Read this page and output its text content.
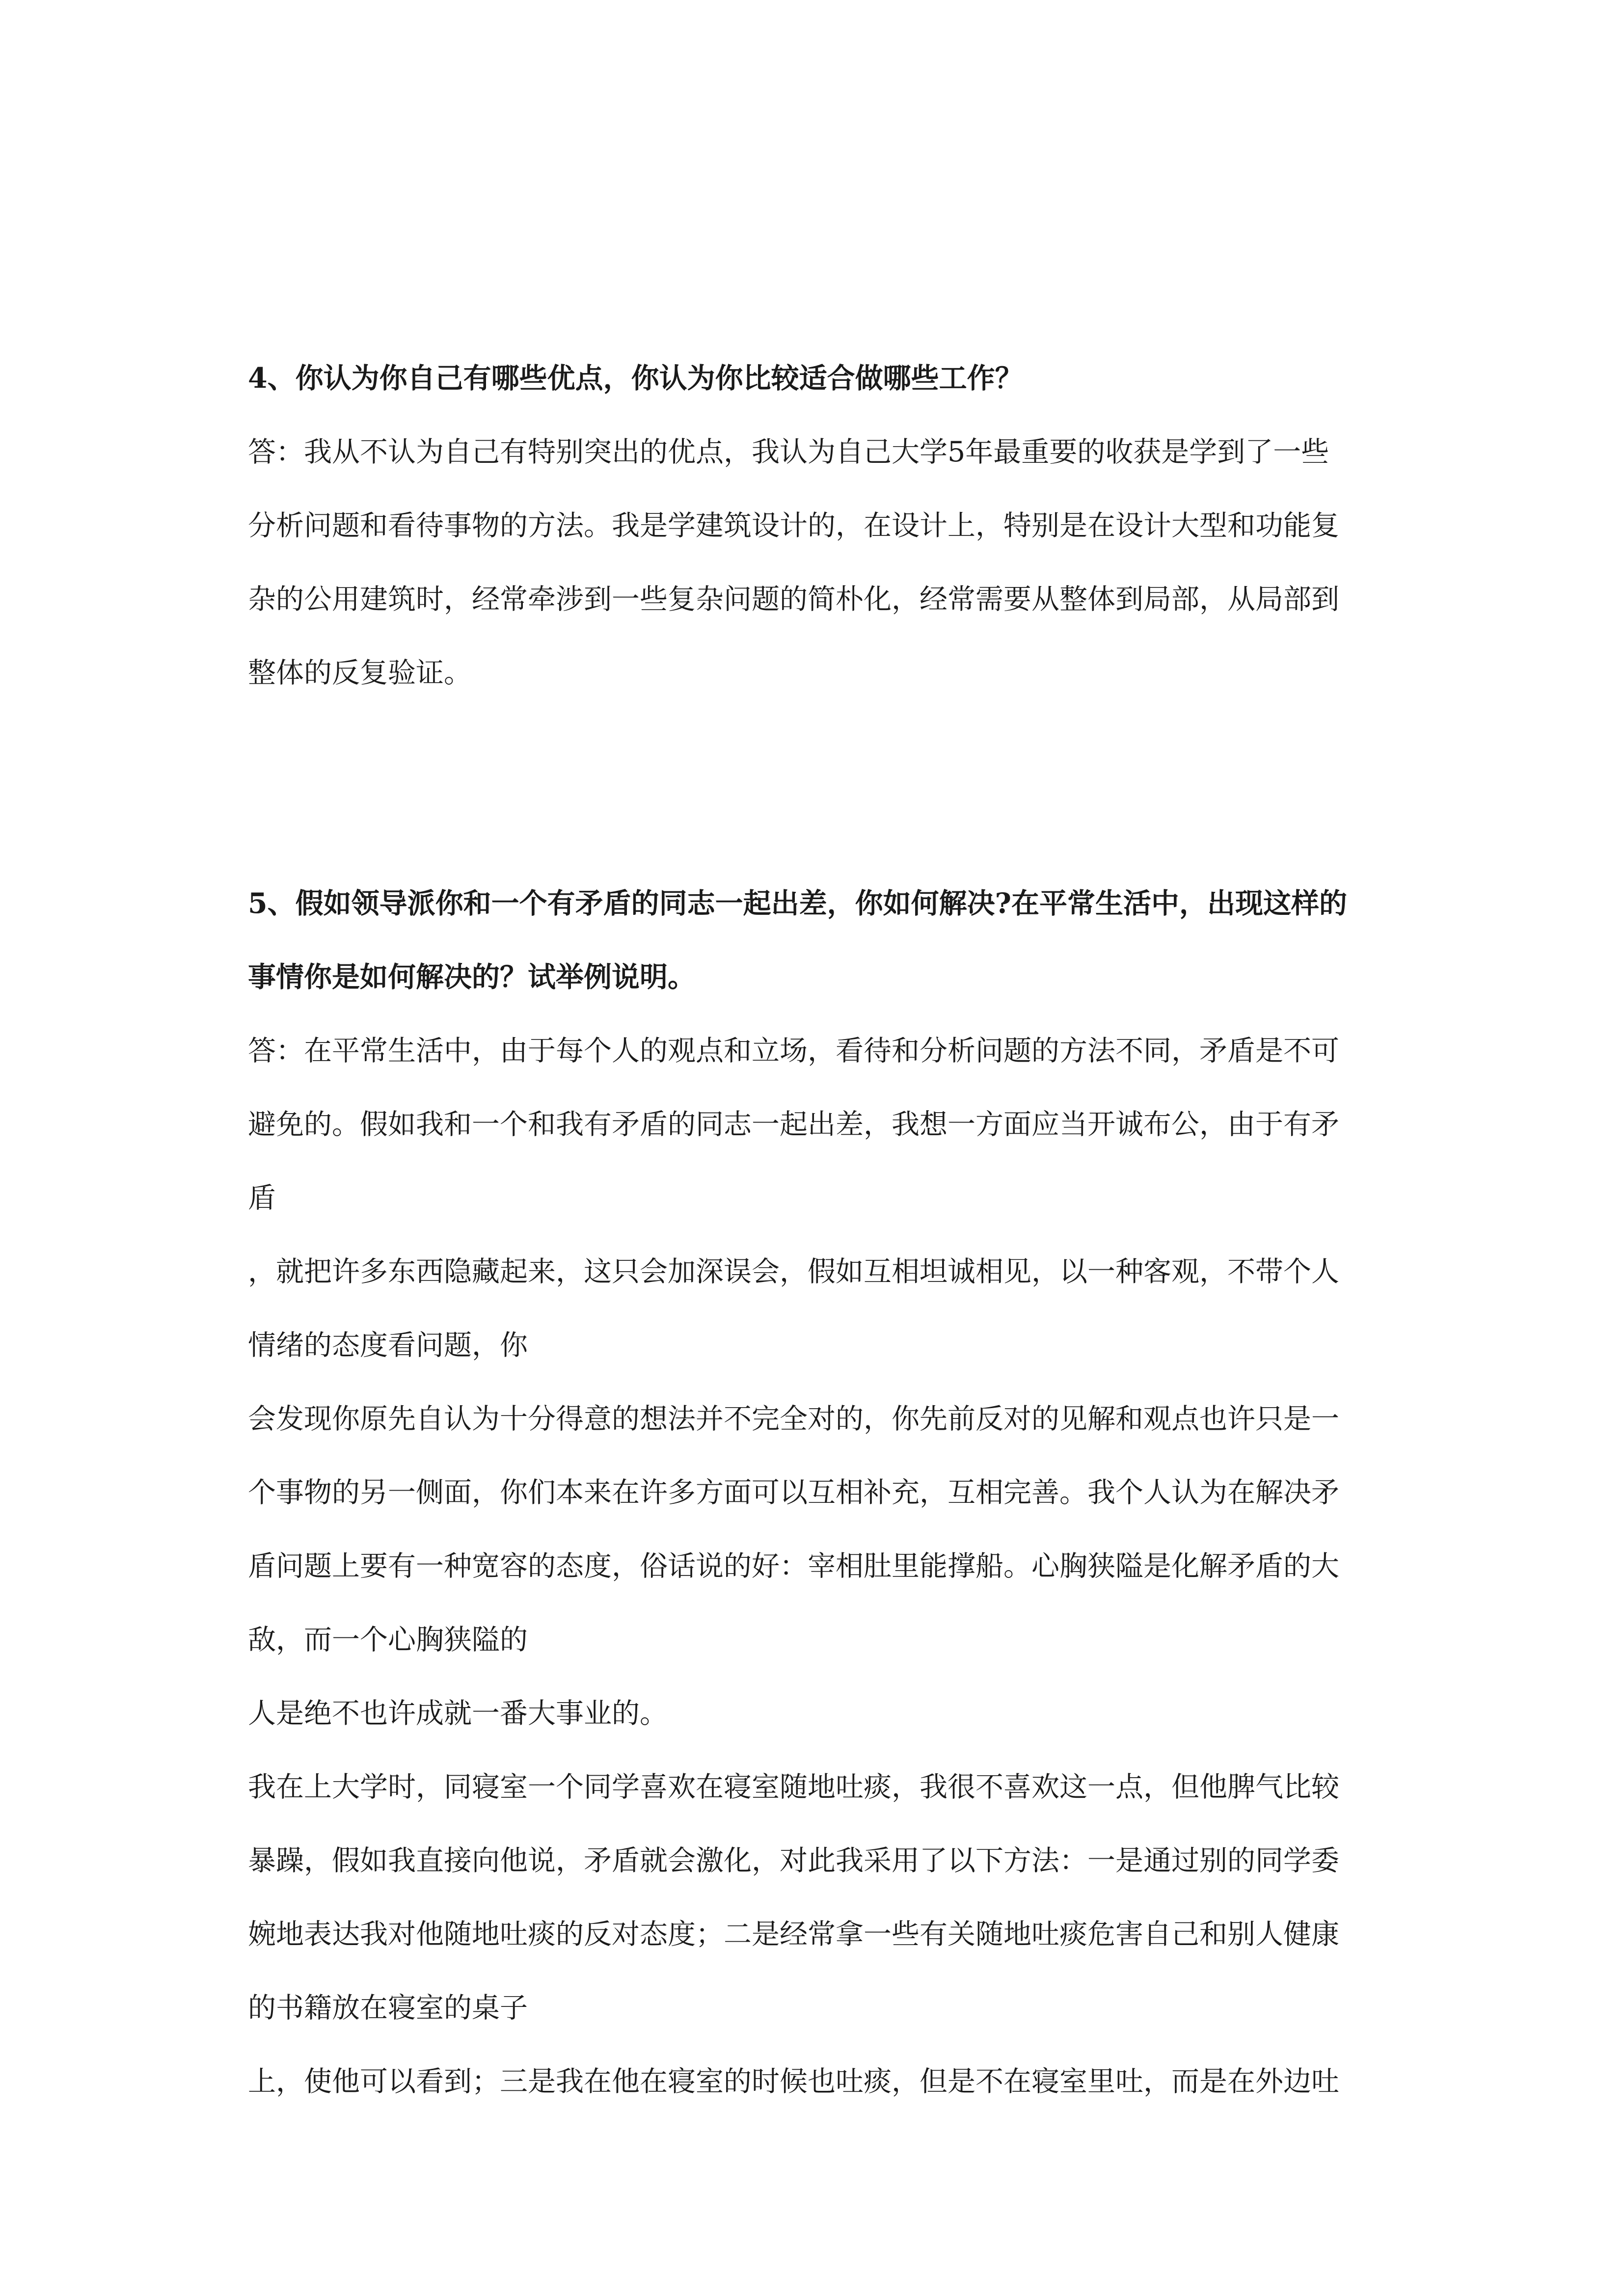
4、你认为你自己有哪些优点，你认为你比较适合做哪些工作？

答：我从不认为自己有特别突出的优点，我认为自己大学5年最重要的收获是学到了一些

分析问题和看待事物的方法。我是学建筑设计的，在设计上，特别是在设计大型和功能复

杂的公用建筑时，经常牵涉到一些复杂问题的简朴化，经常需要从整体到局部，从局部到

整体的反复验证。

5、假如领导派你和一个有矛盾的同志一起出差，你如何解决?在平常生活中，出现这样的

事情你是如何解决的？试举例说明。

答：在平常生活中，由于每个人的观点和立场，看待和分析问题的方法不同，矛盾是不可

避免的。假如我和一个和我有矛盾的同志一起出差，我想一方面应当开诚布公，由于有矛

盾

，就把许多东西隐藏起来，这只会加深误会，假如互相坦诚相见，以一种客观，不带个人

情绪的态度看问题，你

会发现你原先自认为十分得意的想法并不完全对的，你先前反对的见解和观点也许只是一

个事物的另一侧面，你们本来在许多方面可以互相补充，互相完善。我个人认为在解决矛

盾问题上要有一种宽容的态度，俗话说的好：宰相肚里能撑船。心胸狭隘是化解矛盾的大

敌，而一个心胸狭隘的

人是绝不也许成就一番大事业的。

我在上大学时，同寝室一个同学喜欢在寝室随地吐痰，我很不喜欢这一点，但他脾气比较

暴躁，假如我直接向他说，矛盾就会激化，对此我采用了以下方法：一是通过别的同学委

婉地表达我对他随地吐痰的反对态度；二是经常拿一些有关随地吐痰危害自己和别人健康

的书籍放在寝室的桌子

上，使他可以看到；三是我在他在寝室的时候也吐痰，但是不在寝室里吐，而是在外边吐
